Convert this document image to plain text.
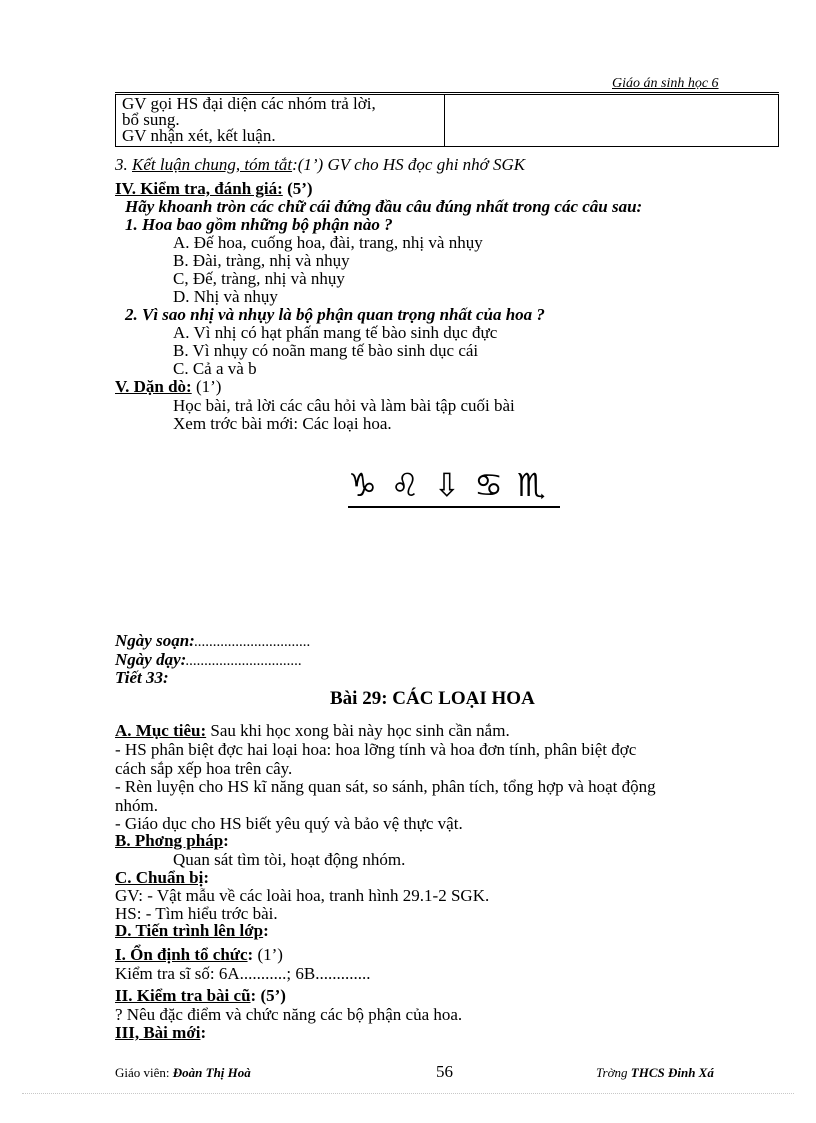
Giáo án sinh học 6
GV gọi HS đại diện các nhóm trả lời,
bổ sung.
GV nhận xét, kết luận.

3. Kết luận chung, tóm tắt:(1’) GV cho HS đọc ghi nhớ SGK
IV. Kiểm tra, đánh giá: (5’)
Hãy khoanh tròn các chữ cái đứng đầu câu đúng nhất trong các câu sau:
1. Hoa bao gồm những bộ phận nào ?
A. Đế hoa, cuống hoa, đài, trang, nhị và nhụy
B. Đài, tràng, nhị và nhụy
C, Đế, tràng, nhị và nhụy
D. Nhị và nhụy
2. Vì sao nhị và nhụy là bộ phận quan trọng nhất của hoa ?
A. Vì nhị có hạt phấn mang tế bào sinh dục đực
B. Vì nhụy có noãn mang tế bào sinh dục cái
C. Cả a và b
V. Dặn dò: (1’)
Học bài, trả lời các câu hỏi và làm bài tập cuối bài
Xem trớc bài mới: Các loại hoa.
♑♌⇩♋♏
Ngày soạn:...............................
Ngày dạy:...............................
Tiết 33:
Bài 29: CÁC LOẠI HOA
A. Mục tiêu: Sau khi học xong bài này học sinh cần nắm.
- HS phân biệt đợc hai loại hoa: hoa lỡng tính và hoa đơn tính, phân biệt đợc
cách sắp xếp hoa trên cây.
- Rèn luyện cho HS kĩ năng quan sát, so sánh, phân tích, tổng hợp và hoạt động
nhóm.
- Giáo dục cho HS biết yêu quý và bảo vệ thực vật.
B. Phơng pháp:
Quan sát tìm tòi, hoạt động nhóm.
C. Chuẩn bị:
GV: - Vật mẫu về các loài hoa, tranh hình 29.1-2 SGK.
HS: - Tìm hiểu trớc bài.
D. Tiến trình lên lớp:
I. Ổn định tổ chức: (1’)
Kiểm tra sĩ số: 6A...........; 6B.............
II. Kiểm tra bài cũ: (5’)
? Nêu đặc điểm và chức năng các bộ phận của hoa.
III, Bài mới:
Giáo viên: Đoàn Thị Hoà	56	Trờng THCS Đinh Xá
